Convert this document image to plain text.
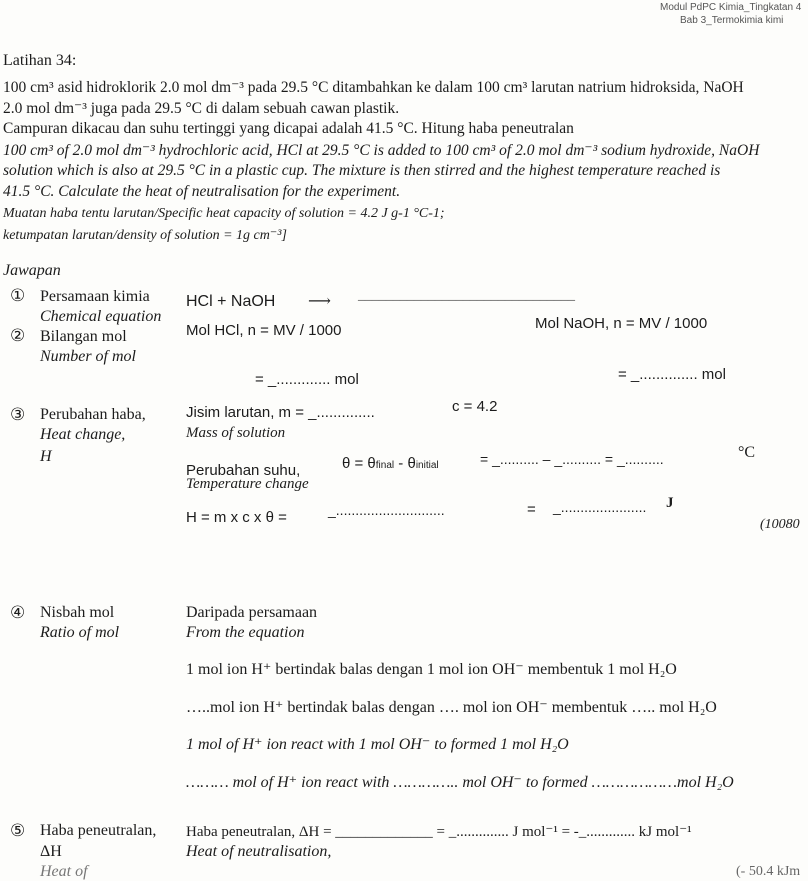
Modul PdPC Kimia_Tingkatan 4
Bab 3_Termokimia kimi
Latihan 34:
100 cm³ asid hidroklorik 2.0 mol dm⁻³ pada 29.5 °C ditambahkan ke dalam 100 cm³ larutan natrium hidroksida, NaOH
2.0 mol dm⁻³ juga pada 29.5 °C di dalam sebuah cawan plastik.
Campuran dikacau dan suhu tertinggi yang dicapai adalah 41.5 °C. Hitung haba peneutralan
100 cm³ of 2.0 mol dm⁻³ hydrochloric acid, HCl at 29.5 °C is added to 100 cm³ of 2.0 mol dm⁻³ sodium hydroxide, NaOH
solution which is also at 29.5 °C in a plastic cup. The mixture is then stirred and the highest temperature reached is
41.5 °C. Calculate the heat of neutralisation for the experiment.
Muatan haba tentu larutan/Specific heat capacity of solution = 4.2 J g-1 °C-1;
ketumpatan larutan/density of solution = 1g cm⁻³]
Jawapan
① Persamaan kimia
Chemical equation
HCl + NaOH ⟶ _______________________________
② Bilangan mol
Number of mol
Mol HCl, n = MV / 1000	Mol NaOH, n = MV / 1000
= _............. mol	= _.............. mol
③ Perubahan haba,
Heat change,
H
Jisim larutan, m = _..............
Mass of solution
c = 4.2
Perubahan suhu,	θ = θfinal - θinitial	= _.......... – _.......... = _..........	°C
Temperature change
H = m x c x θ =	_............................	= _...................... J
(10080
④ Nisbah mol
Ratio of mol
Daripada persamaan
From the equation
1 mol ion H⁺ bertindak balas dengan 1 mol ion OH⁻ membentuk 1 mol H₂O
…..mol ion H⁺ bertindak balas dengan …. mol ion OH⁻ membentuk ….. mol H₂O
1 mol of H⁺ ion react with 1 mol OH⁻ to formed 1 mol H₂O
……… mol of H⁺ ion react with ………….. mol OH⁻ to formed ………………mol H₂O
⑤ Haba peneutralan,
ΔH
Heat of
Haba peneutralan, ΔH = _____________ = _.............. J mol⁻¹ = -_............. kJ mol⁻¹
Heat of neutralisation,
(- 50.4 kJm
